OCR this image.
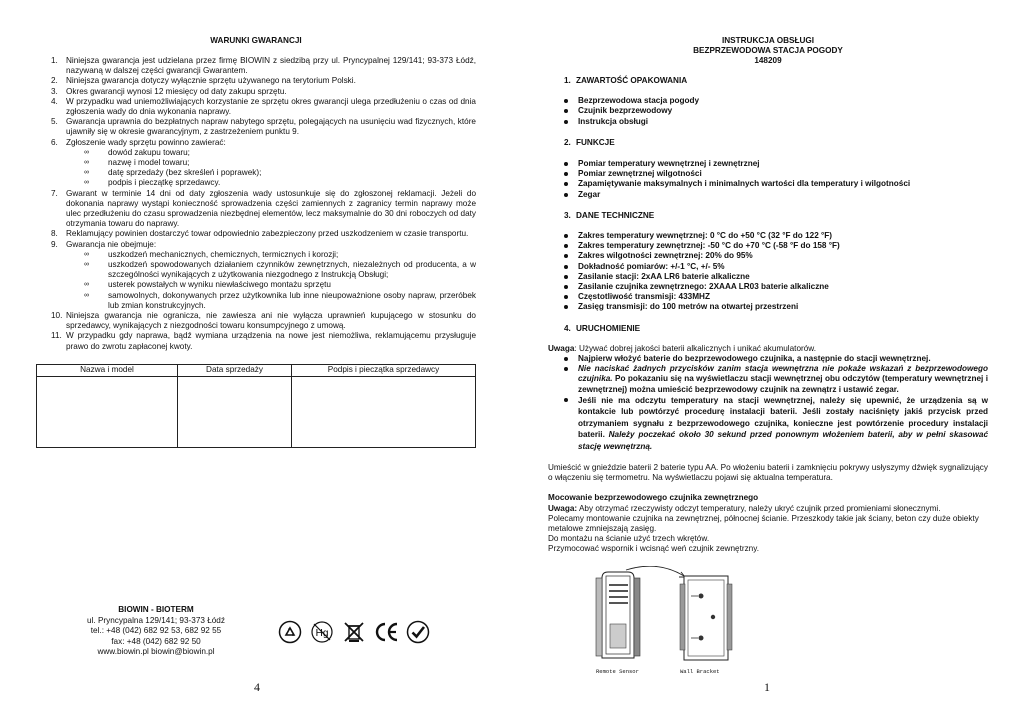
WARUNKI GWARANCJI
1. Niniejsza gwarancja jest udzielana przez firmę BIOWIN z siedzibą przy ul. Pryncypalnej 129/141; 93-373 Łódź, nazywaną w dalszej części gwarancji Gwarantem.
2. Niniejsza gwarancja dotyczy wyłącznie sprzętu używanego na terytorium Polski.
3. Okres gwarancji wynosi 12 miesięcy od daty zakupu sprzętu.
4. W przypadku wad uniemożliwiających korzystanie ze sprzętu okres gwarancji ulega przedłużeniu o czas od dnia zgłoszenia wady do dnia wykonania naprawy.
5. Gwarancja uprawnia do bezpłatnych napraw nabytego sprzętu, polegających na usunięciu wad fizycznych, które ujawniły się w okresie gwarancyjnym, z zastrzeżeniem punktu 9.
6. Zgłoszenie wady sprzętu powinno zawierać:
∞ dowód zakupu towaru;
∞ nazwę i model towaru;
∞ datę sprzedaży (bez skreśleń i poprawek);
∞ podpis i pieczątkę sprzedawcy.
7. Gwarant w terminie 14 dni od daty zgłoszenia wady ustosunkuje się do zgłoszonej reklamacji. Jeżeli do dokonania naprawy wystąpi konieczność sprowadzenia części zamiennych z zagranicy termin naprawy może ulec przedłużeniu do czasu sprowadzenia niezbędnej elementów, lecz maksymalnie do 30 dni roboczych od daty otrzymania towaru do naprawy.
8. Reklamujący powinien dostarczyć towar odpowiednio zabezpieczony przed uszkodzeniem w czasie transportu.
9. Gwarancja nie obejmuje:
∞ uszkodzeń mechanicznych, chemicznych, termicznych i korozji;
∞ uszkodzeń spowodowanych działaniem czynników zewnętrznych, niezależnych od producenta, a w szczególności wynikających z użytkowania niezgodnego z Instrukcją Obsługi;
∞ usterek powstałych w wyniku niewłaściwego montażu sprzętu
∞ samowolnych, dokonywanych przez użytkownika lub inne nieupoważnione osoby napraw, przeróbek lub zmian konstrukcyjnych.
10. Niniejsza gwarancja nie ogranicza, nie zawiesza ani nie wyłącza uprawnień kupującego w stosunku do sprzedawcy, wynikających z niezgodności towaru konsumpcyjnego z umową.
11. W przypadku gdy naprawa, bądź wymiana urządzenia na nowe jest niemożliwa, reklamującemu przysługuje prawo do zwrotu zapłaconej kwoty.
Nazwa i model	Data sprzedaży	Podpis i pieczątka sprzedawcy

BIOWIN - BIOTERM
ul. Pryncypalna 129/141; 93-373 Łódź
tel.: +48 (042) 682 92 53, 682 92 55
fax: +48 (042) 682 92 50
www.biowin.pl biowin@biowin.pl
Hg
4
INSTRUKCJA OBSŁUGI
BEZPRZEWODOWA STACJA POGODY
148209
1. ZAWARTOŚĆ OPAKOWANIA
Bezprzewodowa stacja pogody
Czujnik bezprzewodowy
Instrukcja obsługi
2. FUNKCJE
Pomiar temperatury wewnętrznej i zewnętrznej
Pomiar zewnętrznej wilgotności
Zapamiętywanie maksymalnych i minimalnych wartości dla temperatury i wilgotności
Zegar
3. DANE TECHNICZNE
Zakres temperatury wewnętrznej: 0 °C do +50 °C (32 °F do 122 °F)
Zakres temperatury zewnętrznej: -50 °C do +70 °C (-58 °F do 158 °F)
Zakres wilgotności zewnętrznej: 20% do 95%
Dokładność pomiarów: +/-1 °C, +/- 5%
Zasilanie stacji: 2xAA LR6 baterie alkaliczne
Zasilanie czujnika zewnętrznego: 2XAAA LR03 baterie alkaliczne
Częstotliwość transmisji: 433MHZ
Zasięg transmisji: do 100 metrów na otwartej przestrzeni
4. URUCHOMIENIE
Uwaga: Używać dobrej jakości baterii alkalicznych i unikać akumulatorów.
Najpierw włożyć baterie do bezprzewodowego czujnika, a następnie do stacji wewnętrznej.
Nie naciskać żadnych przycisków zanim stacja wewnętrzna nie pokaże wskazań z bezprzewodowego czujnika. Po pokazaniu się na wyświetlaczu stacji wewnętrznej obu odczytów (temperatury wewnętrznej i zewnętrznej) można umieścić bezprzewodowy czujnik na zewnątrz i ustawić zegar.
Jeśli nie ma odczytu temperatury na stacji wewnętrznej, należy się upewnić, że urządzenia są w kontakcie lub powtórzyć procedurę instalacji baterii. Jeśli zostały naciśnięty jakiś przycisk przed otrzymaniem sygnału z bezprzewodowego czujnika, konieczne jest powtórzenie procedury instalacji baterii. Należy poczekać około 30 sekund przed ponownym włożeniem baterii, aby w pełni skasować stację wewnętrzną.
Umieścić w gnieździe baterii 2 baterie typu AA. Po włożeniu baterii i zamknięciu pokrywy usłyszymy dźwięk sygnalizujący o włączeniu się termometru. Na wyświetlaczu pojawi się aktualna temperatura.
Mocowanie bezprzewodowego czujnika zewnętrznego
Uwaga: Aby otrzymać rzeczywisty odczyt temperatury, należy ukryć czujnik przed promieniami słonecznymi.
Polecamy montowanie czujnika na zewnętrznej, północnej ścianie. Przeszkody takie jak ściany, beton czy duże obiekty metalowe zmniejszają zasięg.
Do montażu na ścianie użyć trzech wkrętów.
Przymocować wspornik i wcisnąć weń czujnik zewnętrzny.
Remote Sensor	Wall Bracket
1
